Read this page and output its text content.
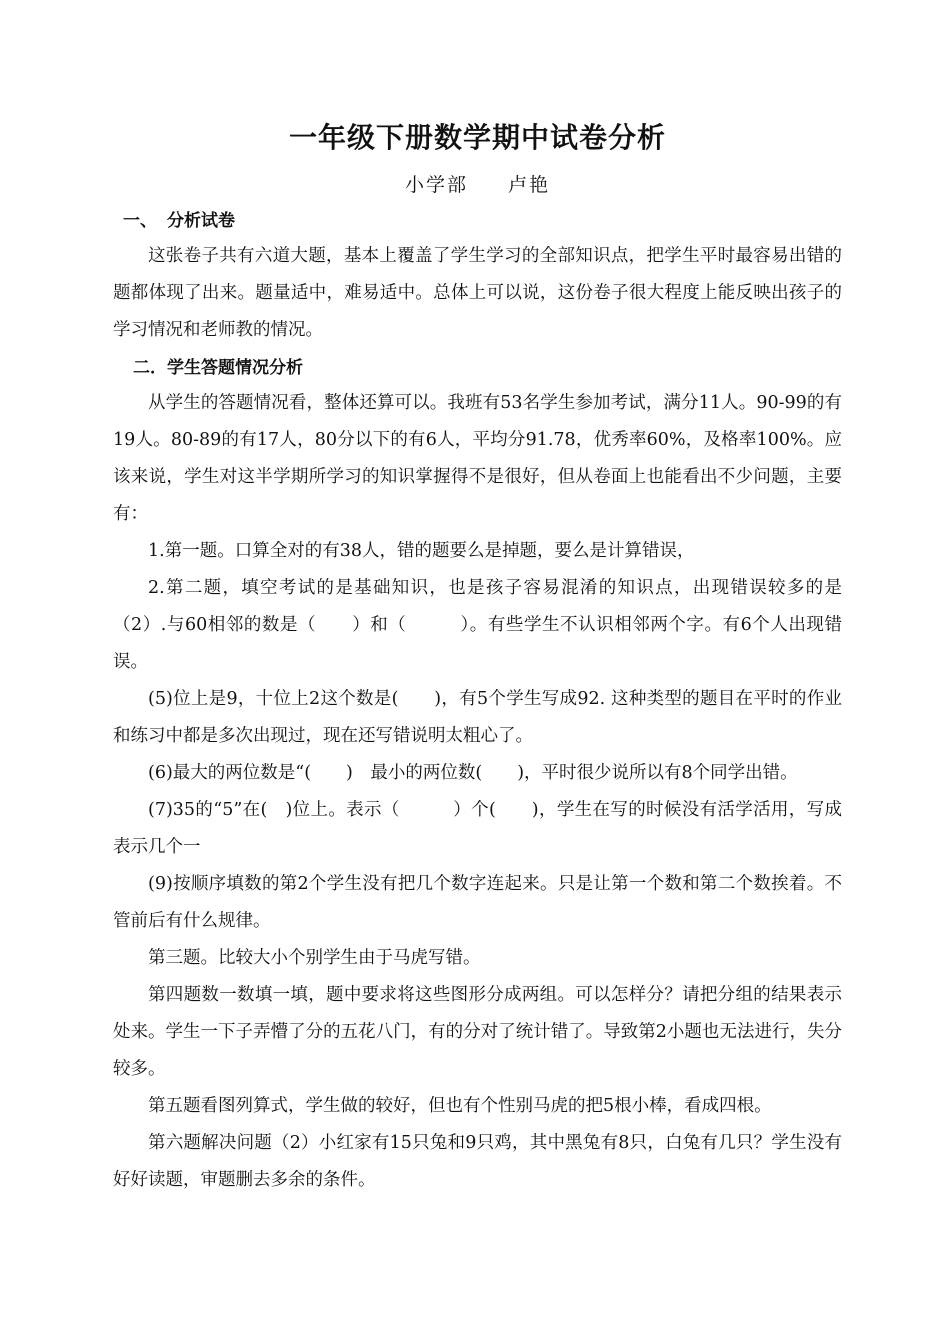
一年级下册数学期中试卷分析
小学部 卢艳
一、 分析试卷

这张卷子共有六道大题，基本上覆盖了学生学习的全部知识点，把学生平时最容易出错的题都体现了出来。题量适中，难易适中。总体上可以说，这份卷子很大程度上能反映出孩子的学习情况和老师教的情况。

二．学生答题情况分析

从学生的答题情况看，整体还算可以。我班有53名学生参加考试，满分11人。90-99的有19人。80-89的有17人，80分以下的有6人，平均分91.78，优秀率60%，及格率100%。应该来说，学生对这半学期所学习的知识掌握得不是很好，但从卷面上也能看出不少问题，主要有：

1.第一题。口算全对的有38人，错的题要么是掉题，要么是计算错误，

2.第二题，填空考试的是基础知识，也是孩子容易混淆的知识点，出现错误较多的是（2）.与60相邻的数是（　　）和（　　　）。有些学生不认识相邻两个字。有6个人出现错误。

(5)位上是9，十位上2这个数是(　　)，有5个学生写成92. 这种类型的题目在平时的作业和练习中都是多次出现过，现在还写错说明太粗心了。

(6)最大的两位数是“(　　)　最小的两位数(　　)，平时很少说所以有8个同学出错。

(7)35的“5”在(　)位上。表示（　　　）个(　　)，学生在写的时候没有活学活用，写成表示几个一

(9)按顺序填数的第2个学生没有把几个数字连起来。只是让第一个数和第二个数挨着。不管前后有什么规律。

第三题。比较大小个别学生由于马虎写错。

第四题数一数填一填，题中要求将这些图形分成两组。可以怎样分？请把分组的结果表示处来。学生一下子弄懵了分的五花八门，有的分对了统计错了。导致第2小题也无法进行，失分较多。

第五题看图列算式，学生做的较好，但也有个性别马虎的把5根小棒，看成四根。

第六题解决问题（2）小红家有15只兔和9只鸡，其中黑兔有8只，白兔有几只？学生没有好好读题，审题删去多余的条件。
